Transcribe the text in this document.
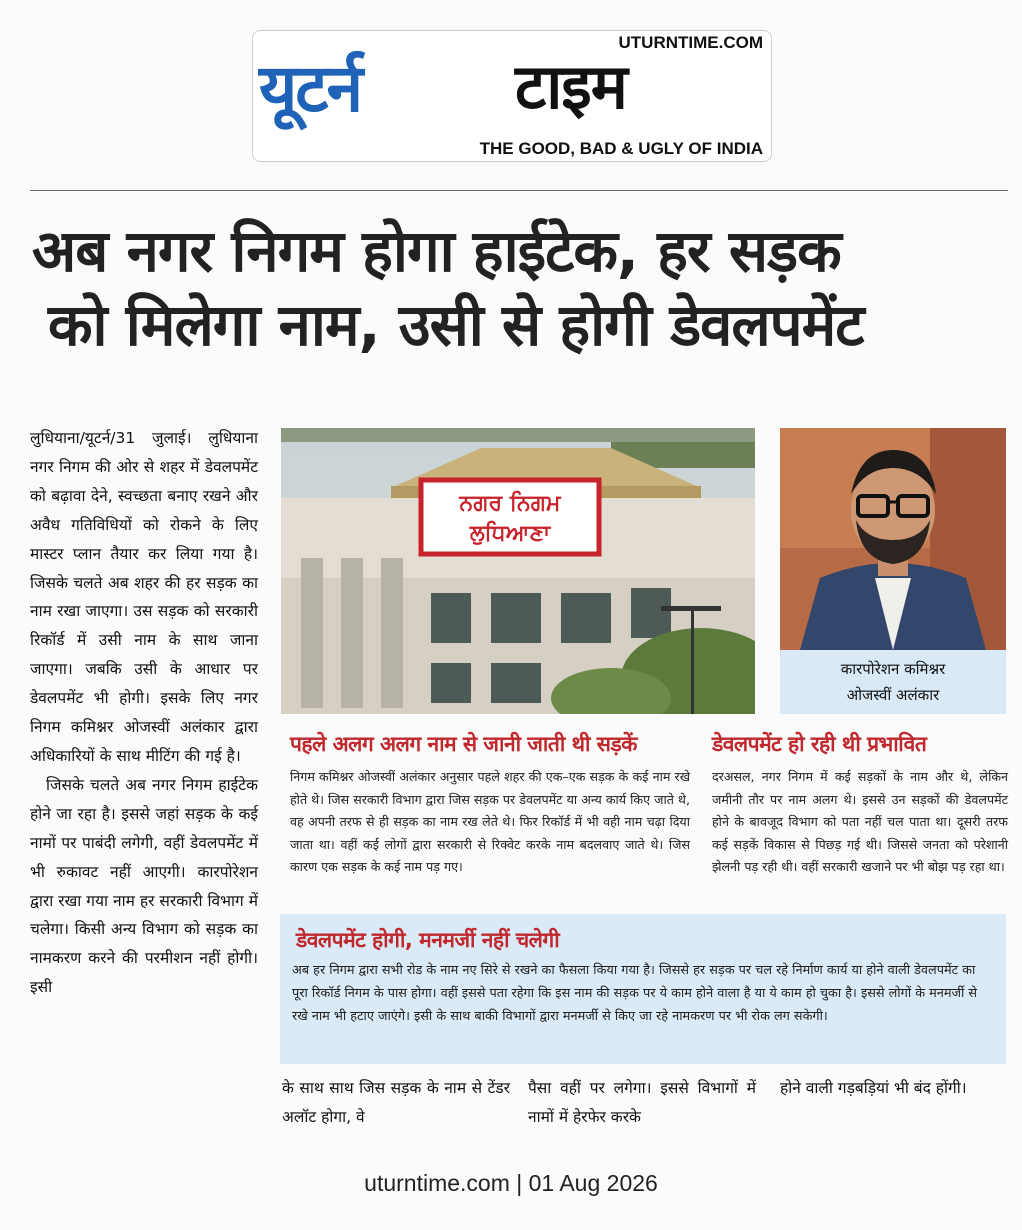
यूटर्न टाइम
UTURNTIME.COM
THE GOOD, BAD & UGLY OF INDIA
अब नगर निगम होगा हाईटेक, हर सड़क
को मिलेगा नाम, उसी से होगी डेवलपमेंट

लुधियाना/यूटर्न/31 जुलाई। लुधियाना नगर निगम की ओर से शहर में डेवलपमेंट को बढ़ावा देने, स्वच्छता बनाए रखने और अवैध गतिविधियों को रोकने के लिए मास्टर प्लान तैयार कर लिया गया है। जिसके चलते अब शहर की हर सड़क का नाम रखा जाएगा। उस सड़क को सरकारी रिकॉर्ड में उसी नाम के साथ जाना जाएगा। जबकि उसी के आधार पर डेवलपमेंट भी होगी। इसके लिए नगर निगम कमिश्नर ओजस्वीं अलंकार द्वारा अधिकारियों के साथ मीटिंग की गई है।

जिसके चलते अब नगर निगम हाईटेक होने जा रहा है। इससे जहां सड़क के कई नामों पर पाबंदी लगेगी, वहीं डेवलपमेंट में भी रुकावट नहीं आएगी। कारपोरेशन द्वारा रखा गया नाम हर सरकारी विभाग में चलेगा। किसी अन्य विभाग को सड़क का नामकरण करने की परमीशन नहीं होगी। इसी

ਨਗਰ ਨਿਗਮ
ਲੁਧਿਆਣਾ
कारपोरेशन कमिश्नर
ओजस्वीं अलंकार
पहले अलग अलग नाम से जानी जाती थी सड़कें
निगम कमिश्नर ओजस्वीं अलंकार अनुसार पहले शहर की एक–एक सड़क के कई नाम रखे होते थे। जिस सरकारी विभाग द्वारा जिस सड़क पर डेवलपमेंट या अन्य कार्य किए जाते थे, वह अपनी तरफ से ही सड़क का नाम रख लेते थे। फिर रिकॉर्ड में भी वही नाम चढ़ा दिया जाता था। वहीं कई लोगों द्वारा सरकारी से रिक्वेट करके नाम बदलवाए जाते थे। जिस कारण एक सड़क के कई नाम पड़ गए।
डेवलपमेंट हो रही थी प्रभावित
दरअसल, नगर निगम में कई सड़कों के नाम और थे, लेकिन जमीनी तौर पर नाम अलग थे। इससे उन सड़कों की डेवलपमेंट होने के बावजूद विभाग को पता नहीं चल पाता था। दूसरी तरफ कई सड़कें विकास से पिछड़ गई थी। जिससे जनता को परेशानी झेलनी पड़ रही थी। वहीं सरकारी खजाने पर भी बोझ पड़ रहा था।
डेवलपमेंट होगी, मनमर्जी नहीं चलेगी
अब हर निगम द्वारा सभी रोड के नाम नए सिरे से रखने का फैसला किया गया है। जिससे हर सड़क पर चल रहे निर्माण कार्य या होने वाली डेवलपमेंट का पूरा रिकॉर्ड निगम के पास होगा। वहीं इससे पता रहेगा कि इस नाम की सड़क पर ये काम होने वाला है या ये काम हो चुका है। इससे लोगों के मनमर्जी से रखे नाम भी हटाए जाएंगे। इसी के साथ बाकी विभागों द्वारा मनमर्जी से किए जा रहे नामकरण पर भी रोक लग सकेगी।
के साथ साथ जिस सड़क के नाम से टेंडर अलॉट होगा, वे
पैसा वहीं पर लगेगा। इससे विभागों में नामों में हेरफेर करके
होने वाली गड़बड़ियां भी बंद होंगी।
uturntime.com | 01 Aug 2026
